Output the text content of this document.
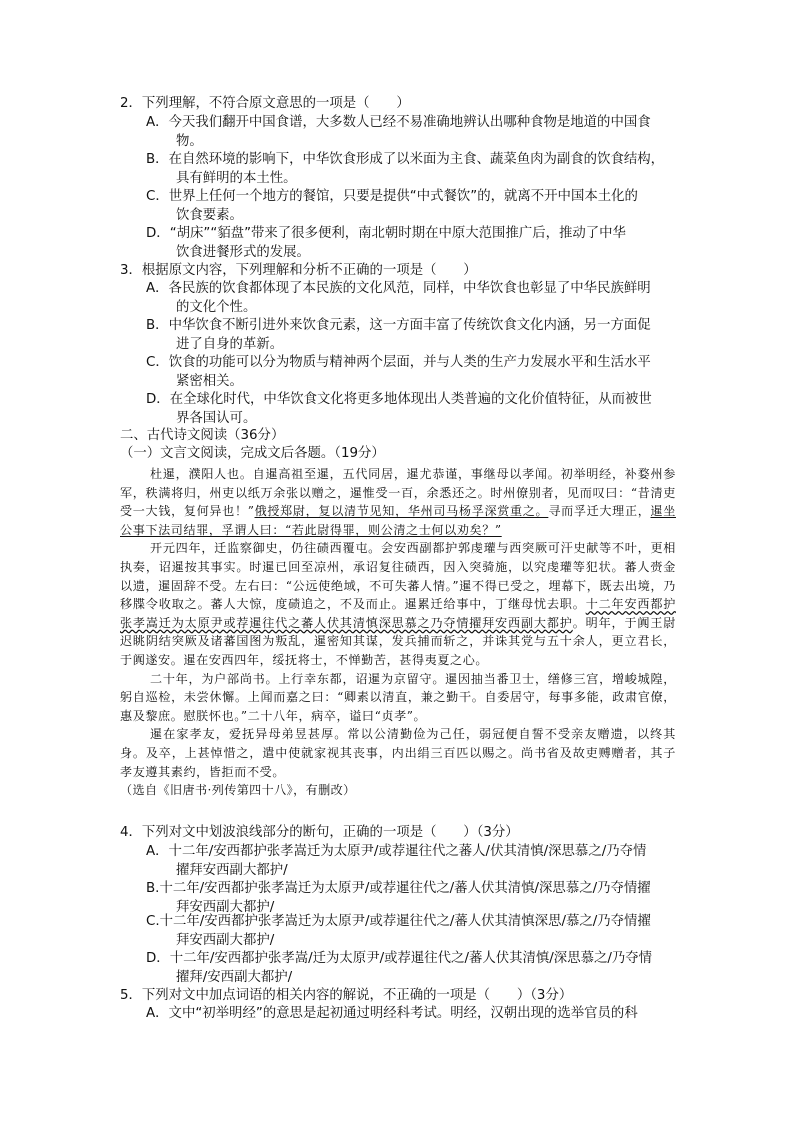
2．下列理解，不符合原文意思的一项是（　　）
A．今天我们翻开中国食谱，大多数人已经不易准确地辨认出哪种食物是地道的中国食
物。
B．在自然环境的影响下，中华饮食形成了以米面为主食、蔬菜鱼肉为副食的饮食结构，
具有鲜明的本土性。
C．世界上任何一个地方的餐馆，只要是提供“中式餐饮”的，就离不开中国本土化的
饮食要素。
D．“胡床”“貊盘”带来了很多便利，南北朝时期在中原大范围推广后，推动了中华
饮食进餐形式的发展。
3．根据原文内容，下列理解和分析不正确的一项是（　　）
A．各民族的饮食都体现了本民族的文化风范，同样，中华饮食也彰显了中华民族鲜明
的文化个性。
B．中华饮食不断引进外来饮食元素，这一方面丰富了传统饮食文化内涵，另一方面促
进了自身的革新。
C．饮食的功能可以分为物质与精神两个层面，并与人类的生产力发展水平和生活水平
紧密相关。
D．在全球化时代，中华饮食文化将更多地体现出人类普遍的文化价值特征，从而被世
界各国认可。
二、古代诗文阅读（36分）
（一）文言文阅读，完成文后各题。（19分）

杜暹，濮阳人也。自暹高祖至暹，五代同居，暹尤恭谨，事继母以孝闻。初举明经，补婺州参军，秩满将归，州吏以纸万余张以赠之，暹惟受一百，余悉还之。时州僚别者，见而叹曰：“昔清吏受一大钱，复何异也！”俄授郑尉，复以清节见知，华州司马杨孚深赏重之。寻而孚迁大理正，暹坐公事下法司结罪，孚谓人曰：“若此尉得罪，则公清之士何以劝矣？”

开元四年，迁监察御史，仍往碛西覆屯。会安西副都护郭虔瓘与西突厥可汗史献等不叶，更相执奏，诏暹按其事实。时暹已回至凉州，承诏复往碛西，因入突骑施，以究虔瓘等犯状。蕃人赍金以遗，暹固辞不受。左右曰：“公远使绝域，不可失蕃人情。”暹不得已受之，埋幕下，既去出境，乃移牒令收取之。蕃人大惊，度碛追之，不及而止。暹累迁给事中，丁继母忧去职。十二年安西都护张孝嵩迁为太原尹或荐暹往代之蕃人伏其清慎深思慕之乃夺情擢拜安西副大都护。明年，于阗王尉迟眺阴结突厥及诸蕃国图为叛乱，暹密知其谋，发兵捕而斩之，并诛其党与五十余人，更立君长，于阗遂安。暹在安西四年，绥抚将士，不惮勤苦，甚得夷夏之心。

二十年，为户部尚书。上行幸东都，诏暹为京留守。暹因抽当番卫士，缮修三宫，增峻城隍，躬自巡检，未尝休懈。上闻而嘉之曰：“卿素以清直，兼之勤干。自委居守，每事多能，政肃官僚，惠及黎庶。慰朕怀也。”二十八年，病卒，谥曰“贞孝”。

暹在家孝友，爱抚异母弟昱甚厚。常以公清勤俭为己任，弱冠便自誓不受亲友赠遗，以终其身。及卒，上甚悼惜之，遣中使就家视其丧事，内出绢三百匹以赐之。尚书省及故吏赙赠者，其子孝友遵其素约，皆拒而不受。

（选自《旧唐书·列传第四十八》，有删改）

4．下列对文中划波浪线部分的断句，正确的一项是（　　）（3分）
A．十二年/安西都护张孝嵩迁为太原尹/或荐暹往代之蕃人/伏其清慎/深思慕之/乃夺情
擢拜安西副大都护/
B.十二年/安西都护张孝嵩迁为太原尹/或荐暹往代之/蕃人伏其清慎/深思慕之/乃夺情擢
拜安西副大都护/
C.十二年/安西都护张孝嵩迁为太原尹/或荐暹往代之/蕃人伏其清慎深思/慕之/乃夺情擢
拜安西副大都护/
D．十二年/安西都护张孝嵩/迁为太原尹/或荐暹往代之/蕃人伏其清慎/深思慕之/乃夺情
擢拜/安西副大都护/
5．下列对文中加点词语的相关内容的解说，不正确的一项是（　　）（3分）
A．文中“初举明经”的意思是起初通过明经科考试。明经，汉朝出现的选举官员的科
